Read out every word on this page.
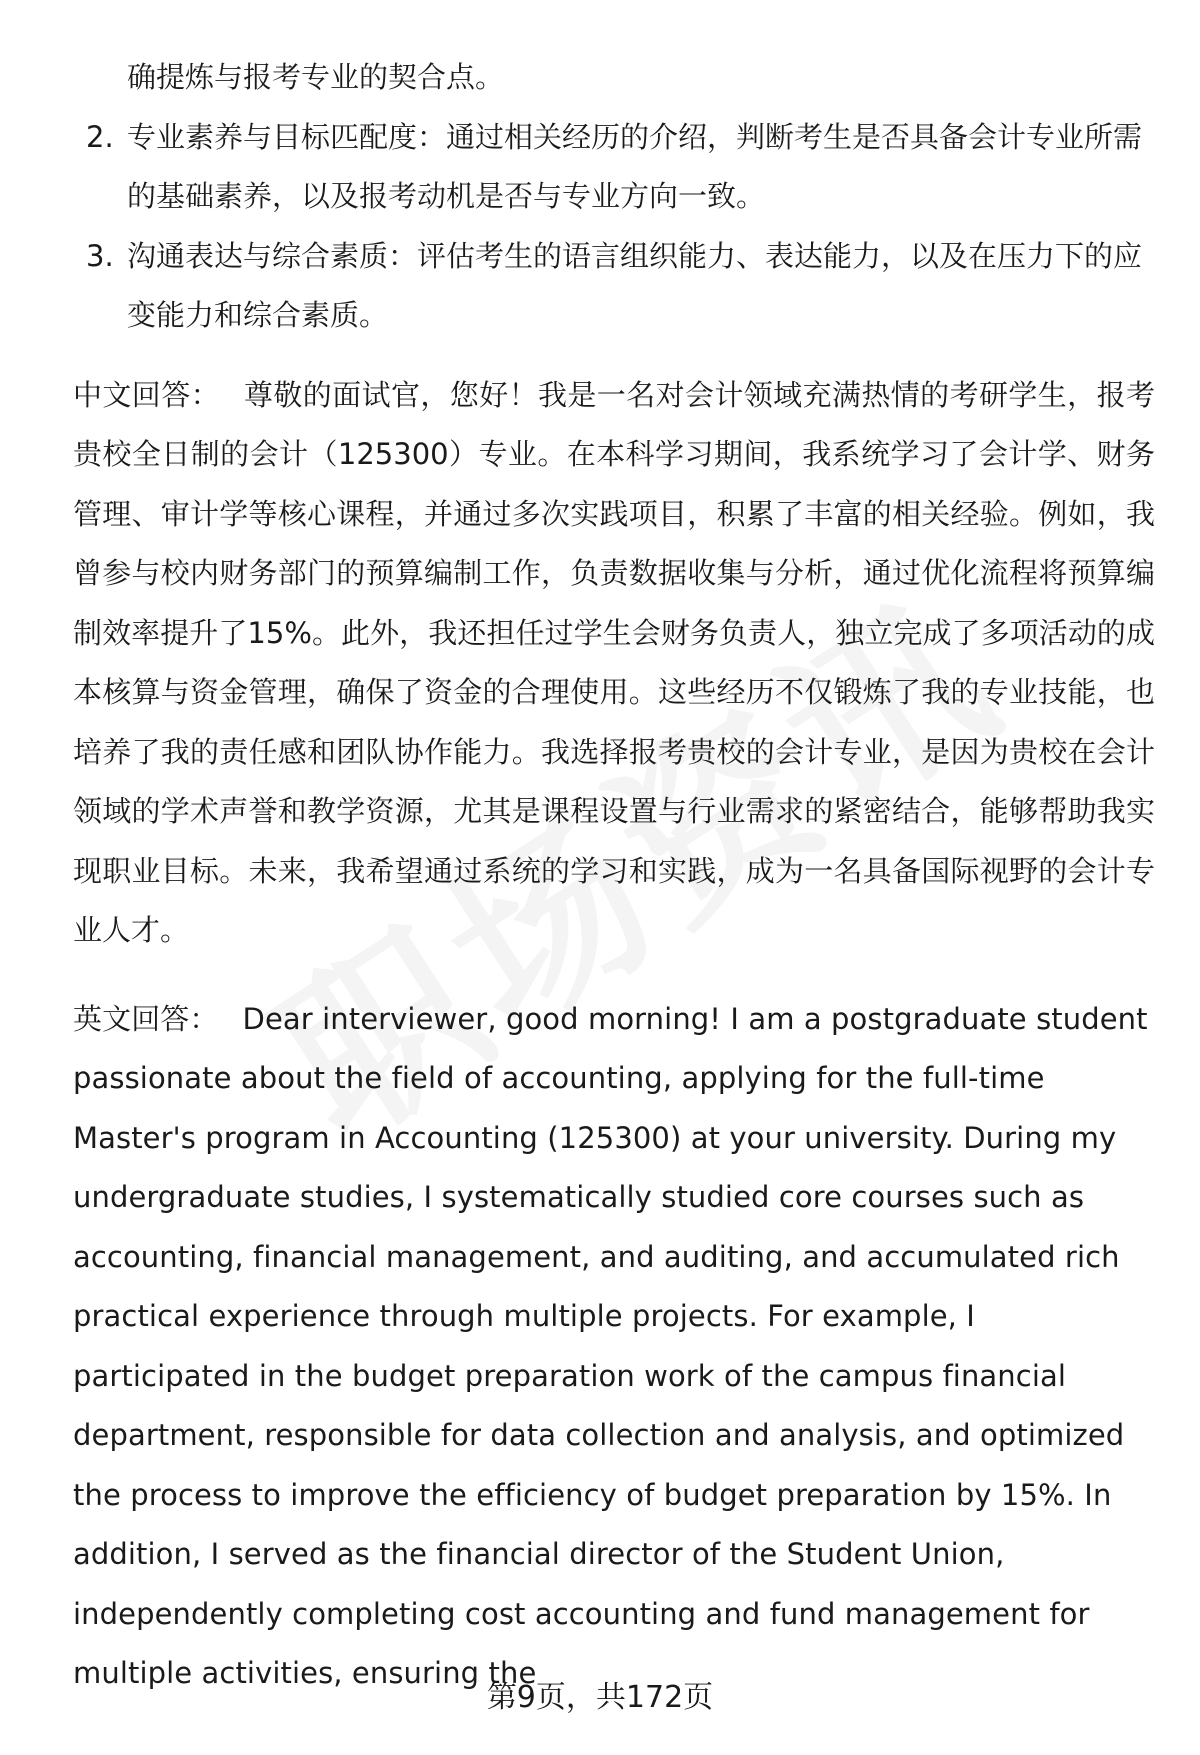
确提炼与报考专业的契合点。
2. 专业素养与目标匹配度：通过相关经历的介绍，判断考生是否具备会计专业所需的基础素养，以及报考动机是否与专业方向一致。
3. 沟通表达与综合素质：评估考生的语言组织能力、表达能力，以及在压力下的应变能力和综合素质。

中文回答： 尊敬的面试官，您好！我是一名对会计领域充满热情的考研学生，报考贵校全日制的会计（125300）专业。在本科学习期间，我系统学习了会计学、财务管理、审计学等核心课程，并通过多次实践项目，积累了丰富的相关经验。例如，我曾参与校内财务部门的预算编制工作，负责数据收集与分析，通过优化流程将预算编制效率提升了15%。此外，我还担任过学生会财务负责人，独立完成了多项活动的成本核算与资金管理，确保了资金的合理使用。这些经历不仅锻炼了我的专业技能，也培养了我的责任感和团队协作能力。我选择报考贵校的会计专业，是因为贵校在会计领域的学术声誉和教学资源，尤其是课程设置与行业需求的紧密结合，能够帮助我实现职业目标。未来，我希望通过系统的学习和实践，成为一名具备国际视野的会计专业人才。

英文回答： Dear interviewer, good morning! I am a postgraduate student passionate about the field of accounting, applying for the full-time Master's program in Accounting (125300) at your university. During my undergraduate studies, I systematically studied core courses such as accounting, financial management, and auditing, and accumulated rich practical experience through multiple projects. For example, I participated in the budget preparation work of the campus financial department, responsible for data collection and analysis, and optimized the process to improve the efficiency of budget preparation by 15%. In addition, I served as the financial director of the Student Union, independently completing cost accounting and fund management for multiple activities, ensuring the

第9页，共172页
